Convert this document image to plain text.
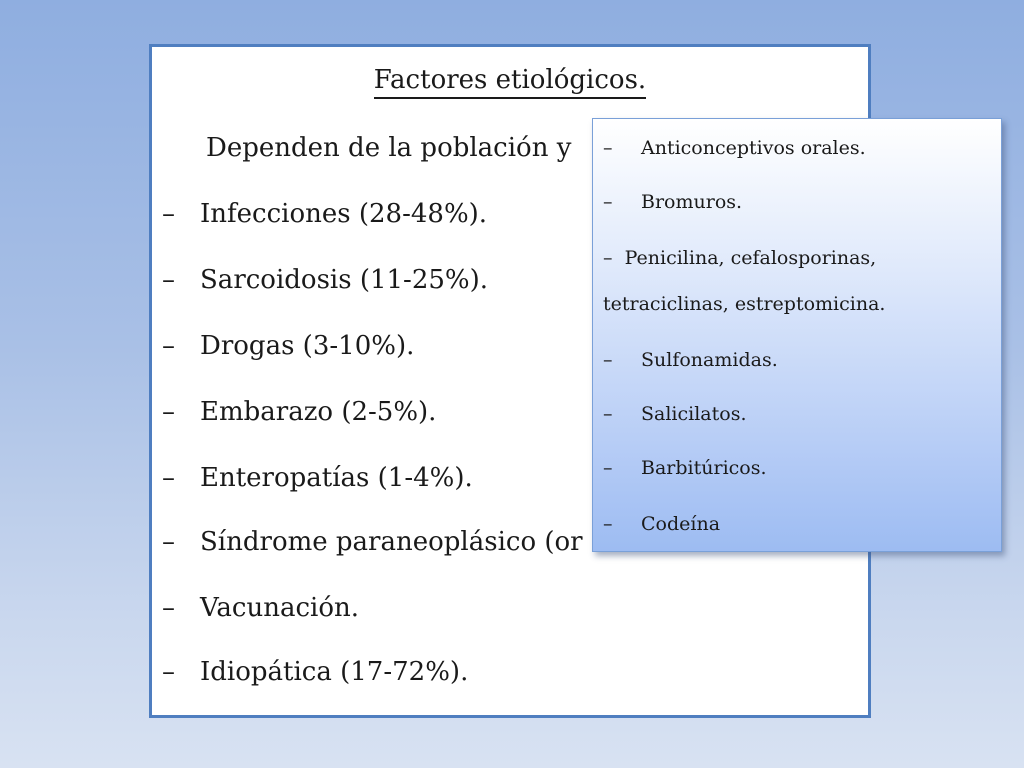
Factores etiológicos.
Dependen de la población y
– Infecciones (28-48%).
– Sarcoidosis (11-25%).
– Drogas (3-10%).
– Embarazo (2-5%).
– Enteropatías (1-4%).
– Síndrome paraneoplásico (or
– Vacunación.
– Idiopática (17-72%).
– Anticonceptivos orales.
– Bromuros.
– Penicilina, cefalosporinas,
tetraciclinas, estreptomicina.
– Sulfonamidas.
– Salicilatos.
– Barbitúricos.
– Codeína
